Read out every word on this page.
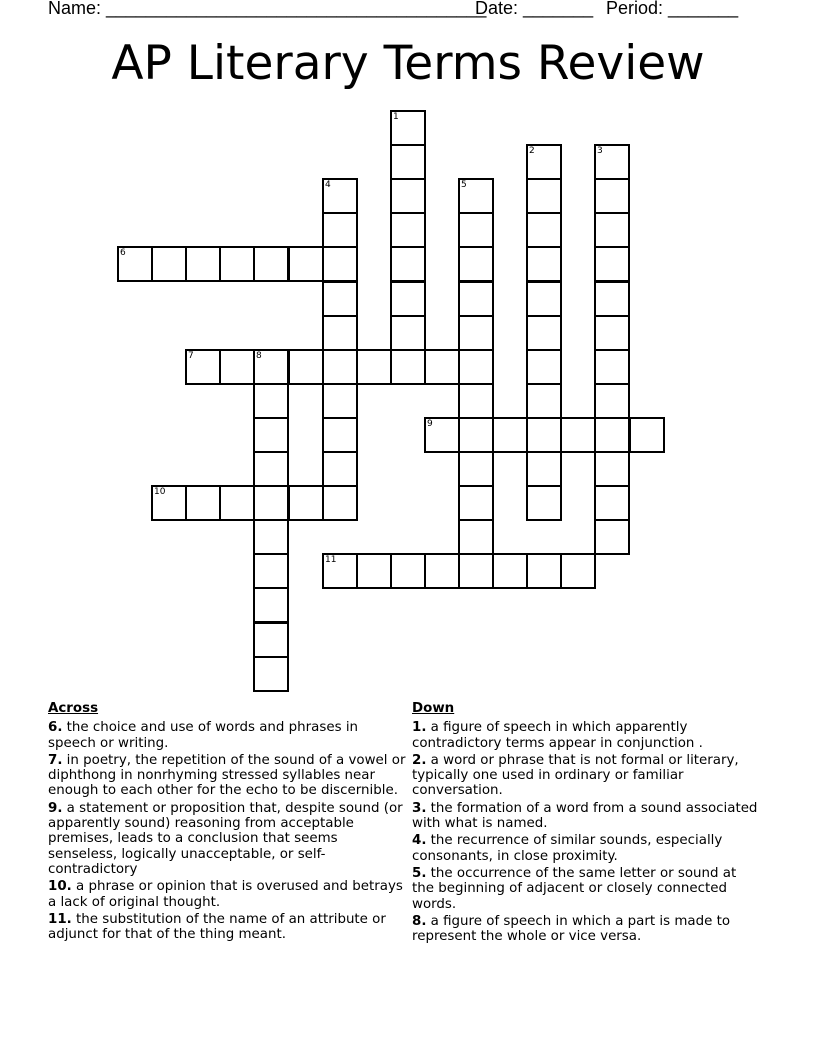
Name: ______________________________________
Date: _______ Period: _______
AP Literary Terms Review
1
2	3
4	5
6
7	8
9
10
11
Across
6. the choice and use of words and phrases in speech or writing.
7. in poetry, the repetition of the sound of a vowel or diphthong in nonrhyming stressed syllables near enough to each other for the echo to be discernible.
9. a statement or proposition that, despite sound (or apparently sound) reasoning from acceptable premises, leads to a conclusion that seems senseless, logically unacceptable, or self-contradictory
10. a phrase or opinion that is overused and betrays a lack of original thought.
11. the substitution of the name of an attribute or adjunct for that of the thing meant.
Down
1. a figure of speech in which apparently contradictory terms appear in conjunction .
2. a word or phrase that is not formal or literary, typically one used in ordinary or familiar conversation.
3. the formation of a word from a sound associated with what is named.
4. the recurrence of similar sounds, especially consonants, in close proximity.
5. the occurrence of the same letter or sound at the beginning of adjacent or closely connected words.
8. a figure of speech in which a part is made to represent the whole or vice versa.
